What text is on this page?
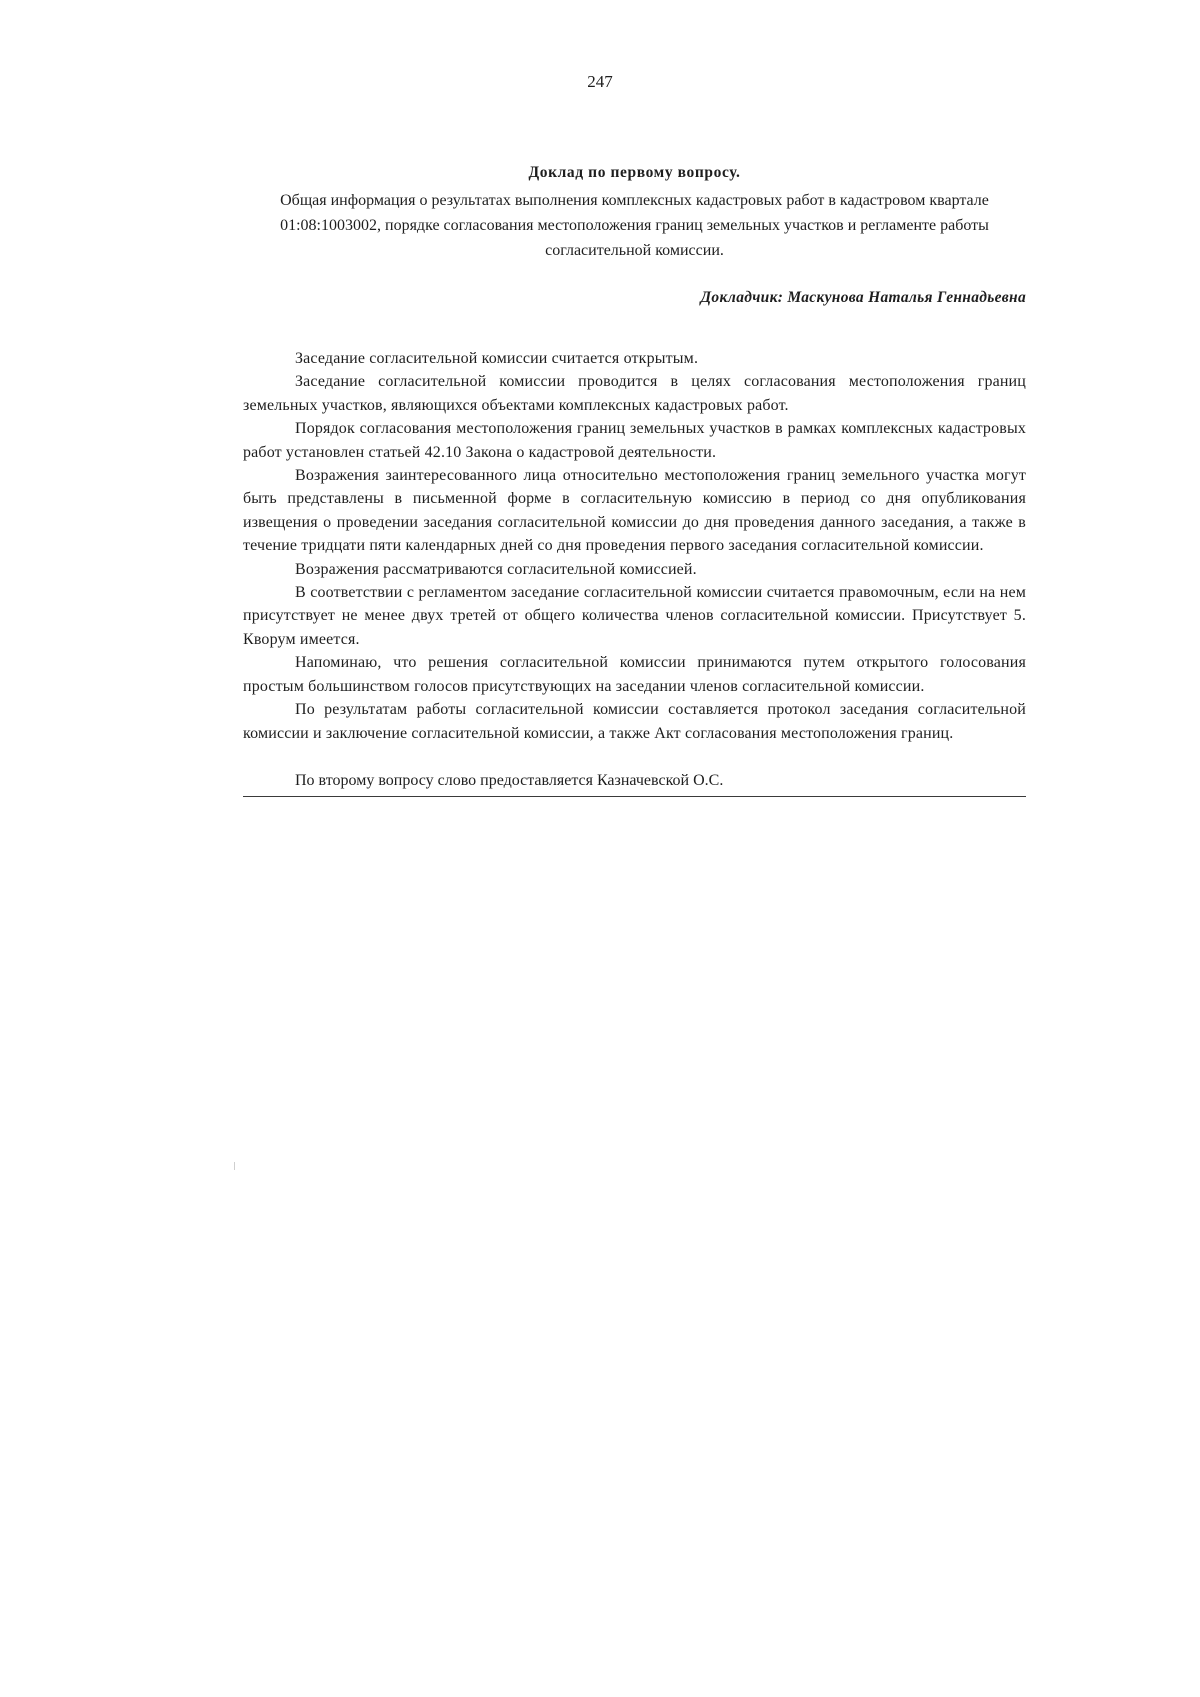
247

Доклад по первому вопросу.

Общая информация о результатах выполнения комплексных кадастровых работ в кадастровом квартале 01:08:1003002, порядке согласования местоположения границ земельных участков и регламенте работы согласительной комиссии.

Докладчик: Маскунова Наталья Геннадьевна

Заседание согласительной комиссии считается открытым.

Заседание согласительной комиссии проводится в целях согласования местоположения границ земельных участков, являющихся объектами комплексных кадастровых работ.

Порядок согласования местоположения границ земельных участков в рамках комплексных кадастровых работ установлен статьей 42.10 Закона о кадастровой деятельности.

Возражения заинтересованного лица относительно местоположения границ земельного участка могут быть представлены в письменной форме в согласительную комиссию в период со дня опубликования извещения о проведении заседания согласительной комиссии до дня проведения данного заседания, а также в течение тридцати пяти календарных дней со дня проведения первого заседания согласительной комиссии.

Возражения расcматриваются согласительной комиссией.

В соответствии с регламентом заседание согласительной комиссии считается правомочным, если на нем присутствует не менее двух третей от общего количества членов согласительной комиссии. Присутствует 5. Кворум имеется.

Напоминаю, что решения согласительной комиссии принимаются путем открытого голосования простым большинством голосов присутствующих на заседании членов согласительной комиссии.

По результатам работы согласительной комиссии составляется протокол заседания согласительной комиссии и заключение согласительной комиссии, а также Акт согласования местоположения границ.

По второму вопросу слово предоставляется Казначевской О.С.
